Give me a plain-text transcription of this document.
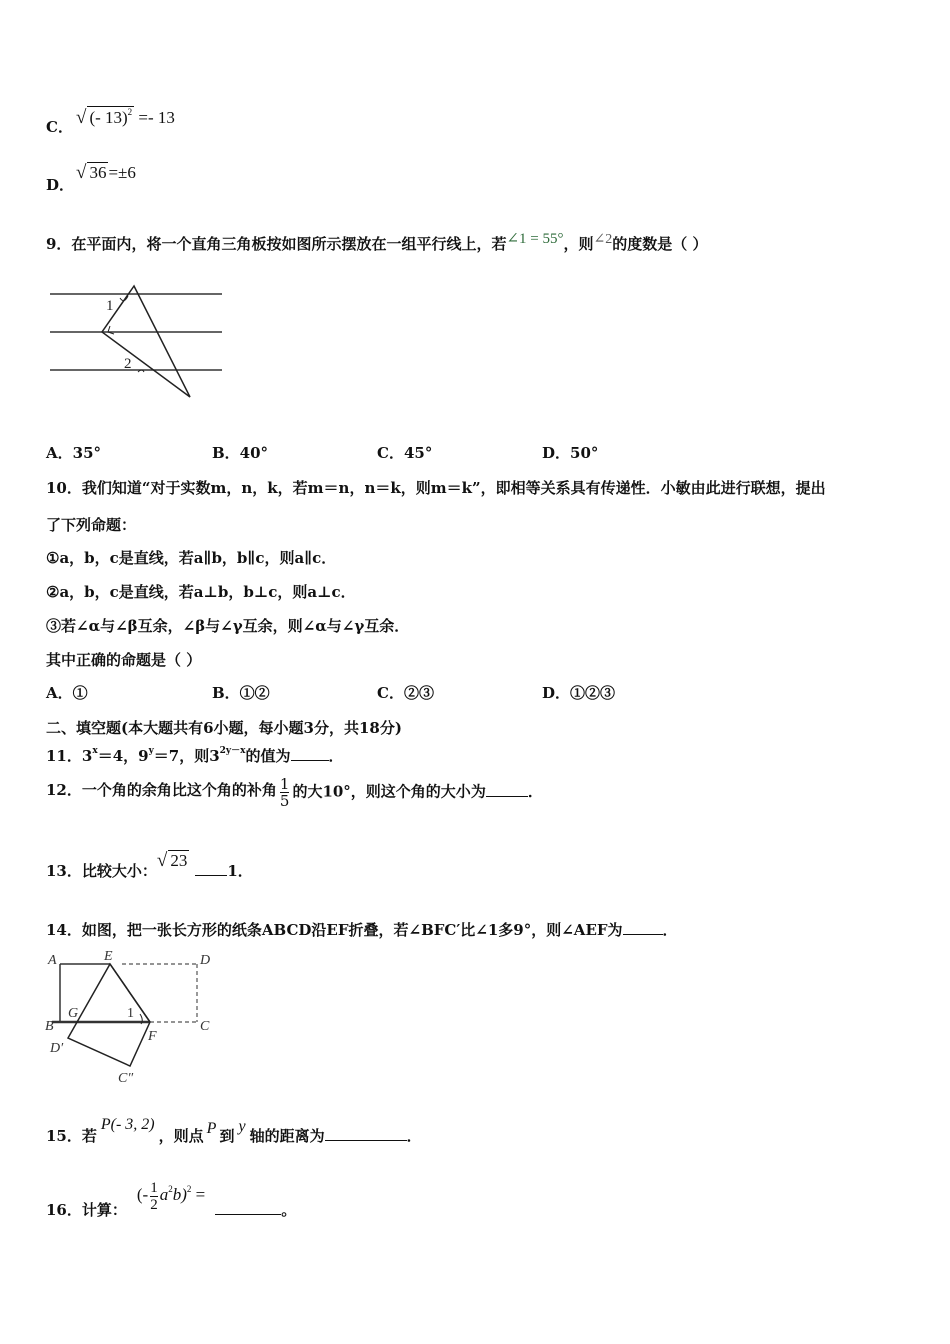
C． √ (- 13)$^2$ =- 13
D．
√ 36 =±6
9．在平面内，将一个直角三角板按如图所示摆放在一组平行线上，若∠1 = 55°，则∠2的度数是（ ）
1
2
A．35°	B．40°	C．45°	D．50°
10．我们知道“对于实数m，n，k，若m＝n，n＝k，则m＝k”，即相等关系具有传递性．小敏由此进行联想，提出
了下列命题：
①a，b，c是直线，若a∥b，b∥c，则a∥c．
②a，b，c是直线，若a⊥b，b⊥c，则a⊥c．
③若∠α与∠β互余，∠β与∠γ互余，则∠α与∠γ互余．
其中正确的命题是（ ）
A．①	B．①②	C．②③	D．①②③
二、填空题(本大题共有6小题，每小题3分，共18分)
11．$3^x=4$，$9^y=7$，则$3^{2y-x}$的值为	．
12．一个角的余角比这个角的补角 $\frac{1}{5}$ 的大10°，则这个角的大小为	．
13．比较大小：√ 231．
14．如图，把一张长方形的纸条ABCD沿EF折叠，若∠BFC′比∠1多9°，则∠AEF为	．
A	E	D
B
G	1
F
C
D′
C″
15．若P(- 3, 2)，则点 P 到y轴的距离为	．
16．计算：(- $\frac{1}{2} a^2b)^2$ =。
